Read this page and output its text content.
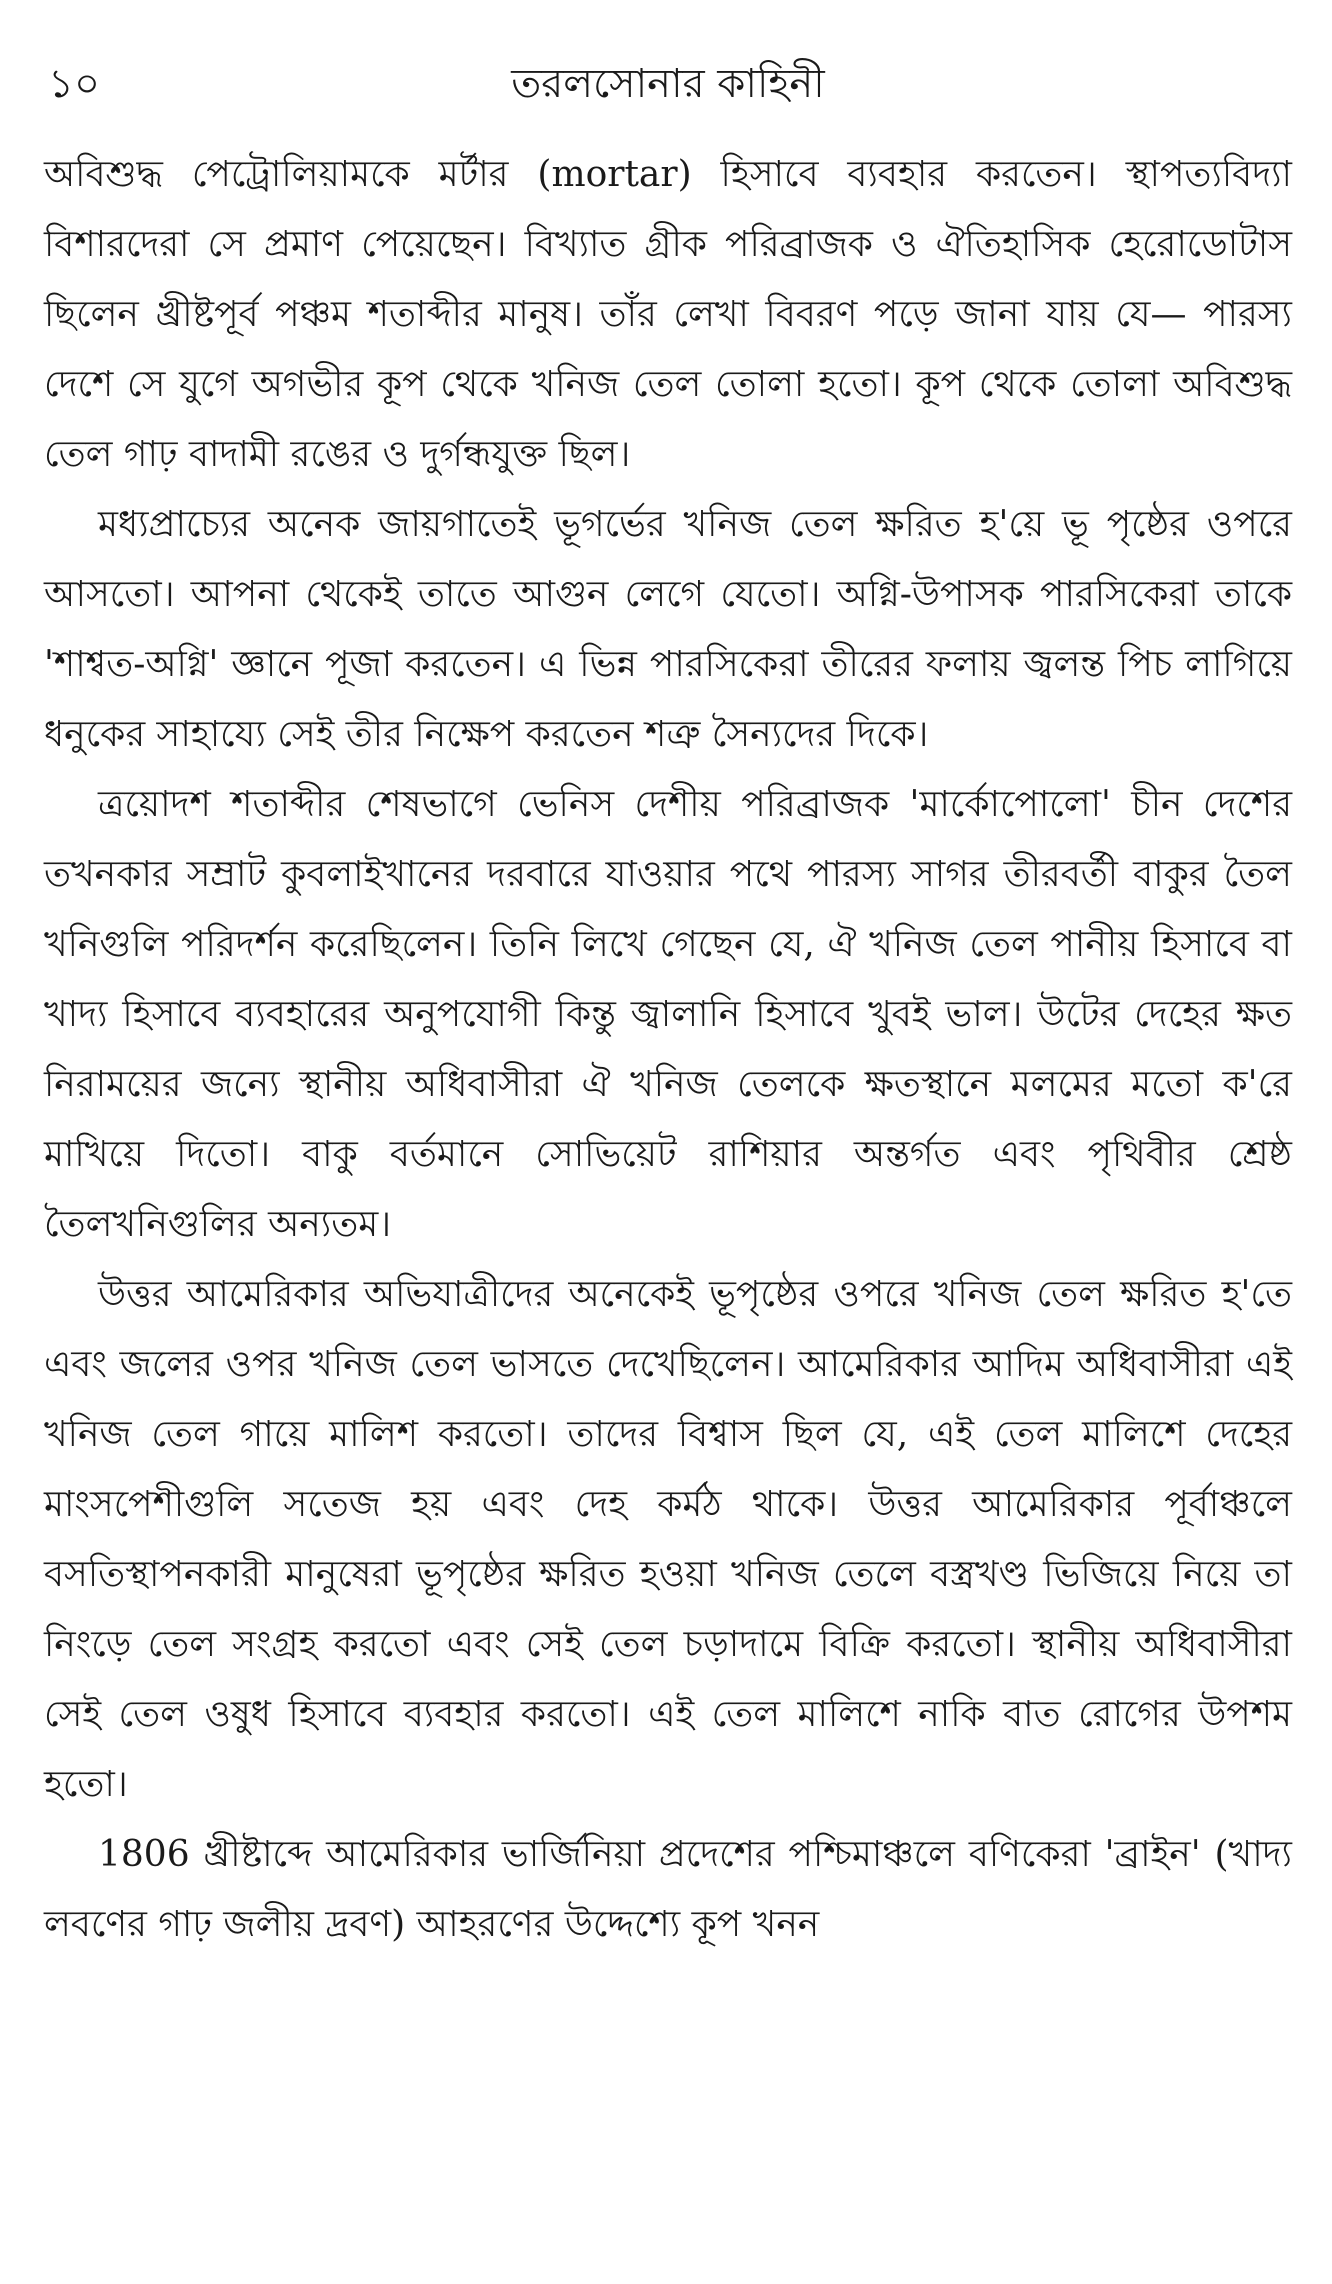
১০	তরলসোনার কাহিনী

অবিশুদ্ধ পেট্রোলিয়ামকে মর্টার (mortar) হিসাবে ব্যবহার করতেন। স্থাপত্যবিদ্যা বিশারদেরা সে প্রমাণ পেয়েছেন। বিখ্যাত গ্রীক পরিব্রাজক ও ঐতিহাসিক হেরোডোটাস ছিলেন খ্রীষ্টপূর্ব পঞ্চম শতাব্দীর মানুষ। তাঁর লেখা বিবরণ পড়ে জানা যায় যে— পারস্য দেশে সে যুগে অগভীর কূপ থেকে খনিজ তেল তোলা হতো। কূপ থেকে তোলা অবিশুদ্ধ তেল গাঢ় বাদামী রঙের ও দুর্গন্ধযুক্ত ছিল।

মধ্যপ্রাচ্যের অনেক জায়গাতেই ভূগর্ভের খনিজ তেল ক্ষরিত হ'য়ে ভূ পৃষ্ঠের ওপরে আসতো। আপনা থেকেই তাতে আগুন লেগে যেতো। অগ্নি-উপাসক পারসিকেরা তাকে 'শাশ্বত-অগ্নি' জ্ঞানে পূজা করতেন। এ ভিন্ন পারসিকেরা তীরের ফলায় জ্বলন্ত পিচ লাগিয়ে ধনুকের সাহায্যে সেই তীর নিক্ষেপ করতেন শত্রু সৈন্যদের দিকে।

ত্রয়োদশ শতাব্দীর শেষভাগে ভেনিস দেশীয় পরিব্রাজক 'মার্কোপোলো' চীন দেশের তখনকার সম্রাট কুবলাইখানের দরবারে যাওয়ার পথে পারস্য সাগর তীরবর্তী বাকুর তৈল খনিগুলি পরিদর্শন করেছিলেন। তিনি লিখে গেছেন যে, ঐ খনিজ তেল পানীয় হিসাবে বা খাদ্য হিসাবে ব্যবহারের অনুপযোগী কিন্তু জ্বালানি হিসাবে খুবই ভাল। উটের দেহের ক্ষত নিরাময়ের জন্যে স্থানীয় অধিবাসীরা ঐ খনিজ তেলকে ক্ষতস্থানে মলমের মতো ক'রে মাখিয়ে দিতো। বাকু বর্তমানে সোভিয়েট রাশিয়ার অন্তর্গত এবং পৃথিবীর শ্রেষ্ঠ তৈলখনিগুলির অন্যতম।

উত্তর আমেরিকার অভিযাত্রীদের অনেকেই ভূপৃষ্ঠের ওপরে খনিজ তেল ক্ষরিত হ'তে এবং জলের ওপর খনিজ তেল ভাসতে দেখেছিলেন। আমেরিকার আদিম অধিবাসীরা এই খনিজ তেল গায়ে মালিশ করতো। তাদের বিশ্বাস ছিল যে, এই তেল মালিশে দেহের মাংসপেশীগুলি সতেজ হয় এবং দেহ কর্মঠ থাকে। উত্তর আমেরিকার পূর্বাঞ্চলে বসতিস্থাপনকারী মানুষেরা ভূপৃষ্ঠের ক্ষরিত হওয়া খনিজ তেলে বস্ত্রখণ্ড ভিজিয়ে নিয়ে তা নিংড়ে তেল সংগ্রহ করতো এবং সেই তেল চড়াদামে বিক্রি করতো। স্থানীয় অধিবাসীরা সেই তেল ওষুধ হিসাবে ব্যবহার করতো। এই তেল মালিশে নাকি বাত রোগের উপশম হতো।

1806 খ্রীষ্টাব্দে আমেরিকার ভার্জিনিয়া প্রদেশের পশ্চিমাঞ্চলে বণিকেরা 'ব্রাইন' (খাদ্য লবণের গাঢ় জলীয় দ্রবণ) আহরণের উদ্দেশ্যে কূপ খনন
